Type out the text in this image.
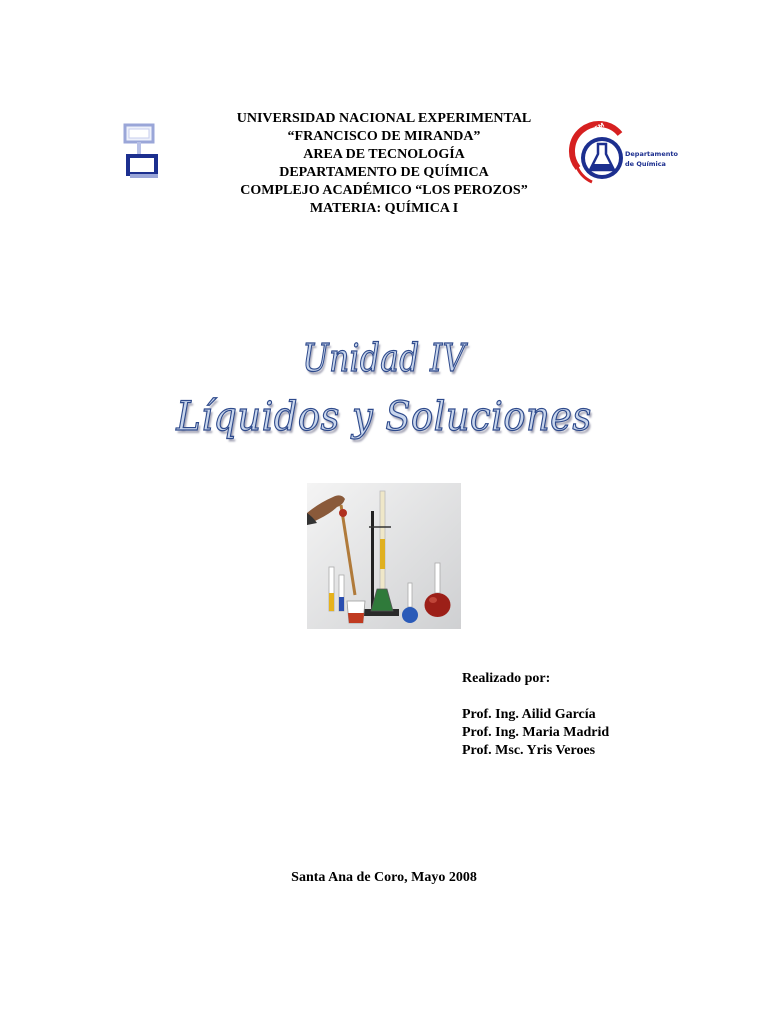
UNIVERSIDAD NACIONAL EXPERIMENTAL
“FRANCISCO DE MIRANDA”
AREA DE TECNOLOGÍA
DEPARTAMENTO DE QUÍMICA
COMPLEJO ACADÉMICO “LOS PEROZOS”
MATERIA: QUÍMICA I
UNEFM
Departamento
de Química
Unidad IV
Líquidos y Soluciones
Realizado por:
Prof. Ing. Ailid García
Prof. Ing. Maria Madrid
Prof. Msc. Yris Veroes
Santa Ana de Coro, Mayo 2008
